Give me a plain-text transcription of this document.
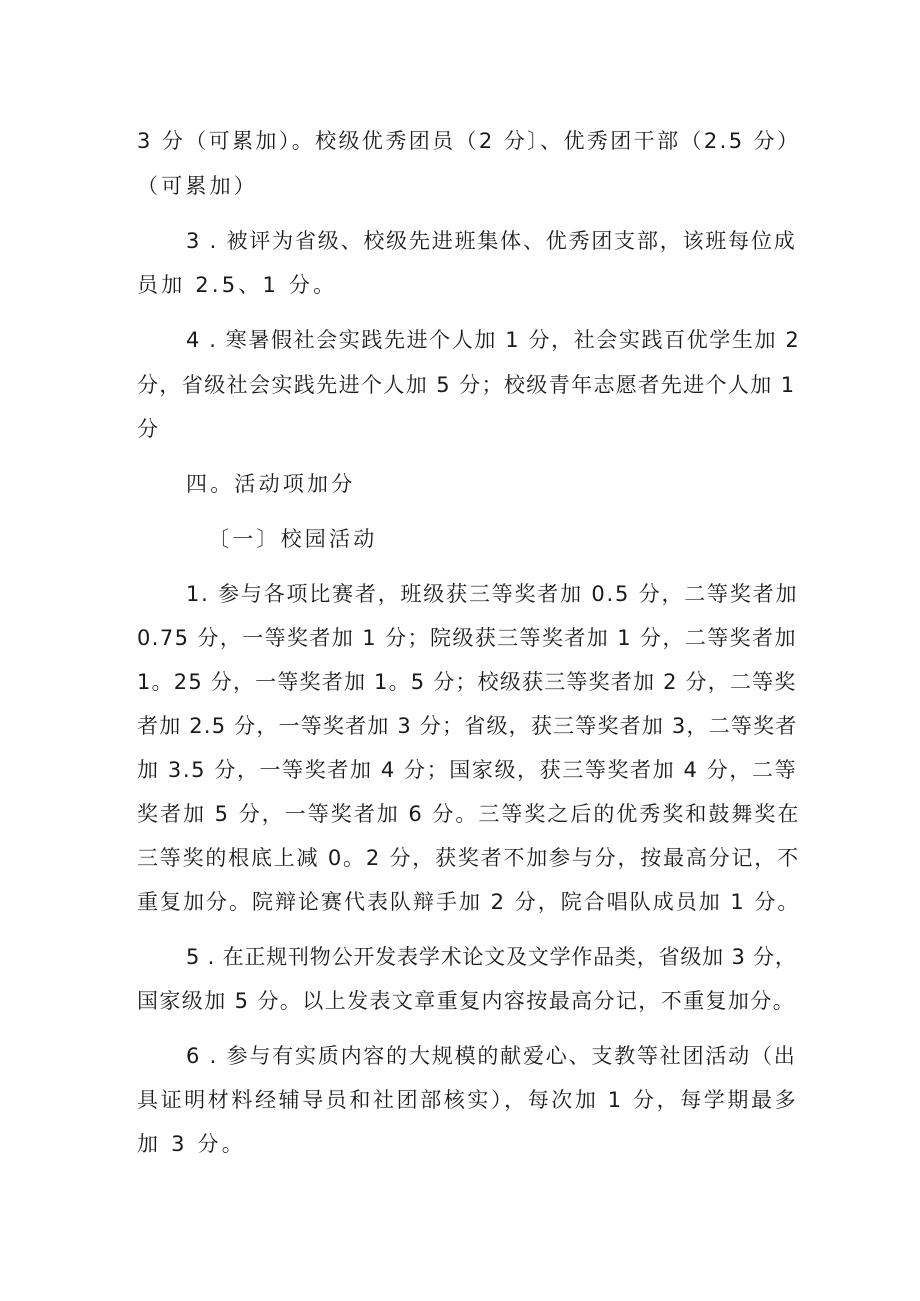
3 分（可累加）。校级优秀团员（2 分〕、优秀团干部（2.5 分）
（可累加）
3 . 被评为省级、校级先进班集体、优秀团支部，该班每位成
员加 2.5、1 分。
4 . 寒暑假社会实践先进个人加 1 分，社会实践百优学生加 2
分，省级社会实践先进个人加 5 分；校级青年志愿者先进个人加 1
分
四。活动项加分
〔一〕校园活动
1. 参与各项比赛者，班级获三等奖者加 0.5 分，二等奖者加
0.75 分，一等奖者加 1 分；院级获三等奖者加 1 分，二等奖者加
1。25 分，一等奖者加 1。5 分；校级获三等奖者加 2 分，二等奖
者加 2.5 分，一等奖者加 3 分；省级，获三等奖者加 3，二等奖者
加 3.5 分，一等奖者加 4 分；国家级，获三等奖者加 4 分，二等
奖者加 5 分，一等奖者加 6 分。三等奖之后的优秀奖和鼓舞奖在
三等奖的根底上减 0。2 分，获奖者不加参与分，按最高分记，不
重复加分。院辩论赛代表队辩手加 2 分，院合唱队成员加 1 分。
5 . 在正规刊物公开发表学术论文及文学作品类，省级加 3 分，
国家级加 5 分。以上发表文章重复内容按最高分记，不重复加分。
6 . 参与有实质内容的大规模的献爱心、支教等社团活动（出
具证明材料经辅导员和社团部核实），每次加 1 分，每学期最多
加 3 分。
